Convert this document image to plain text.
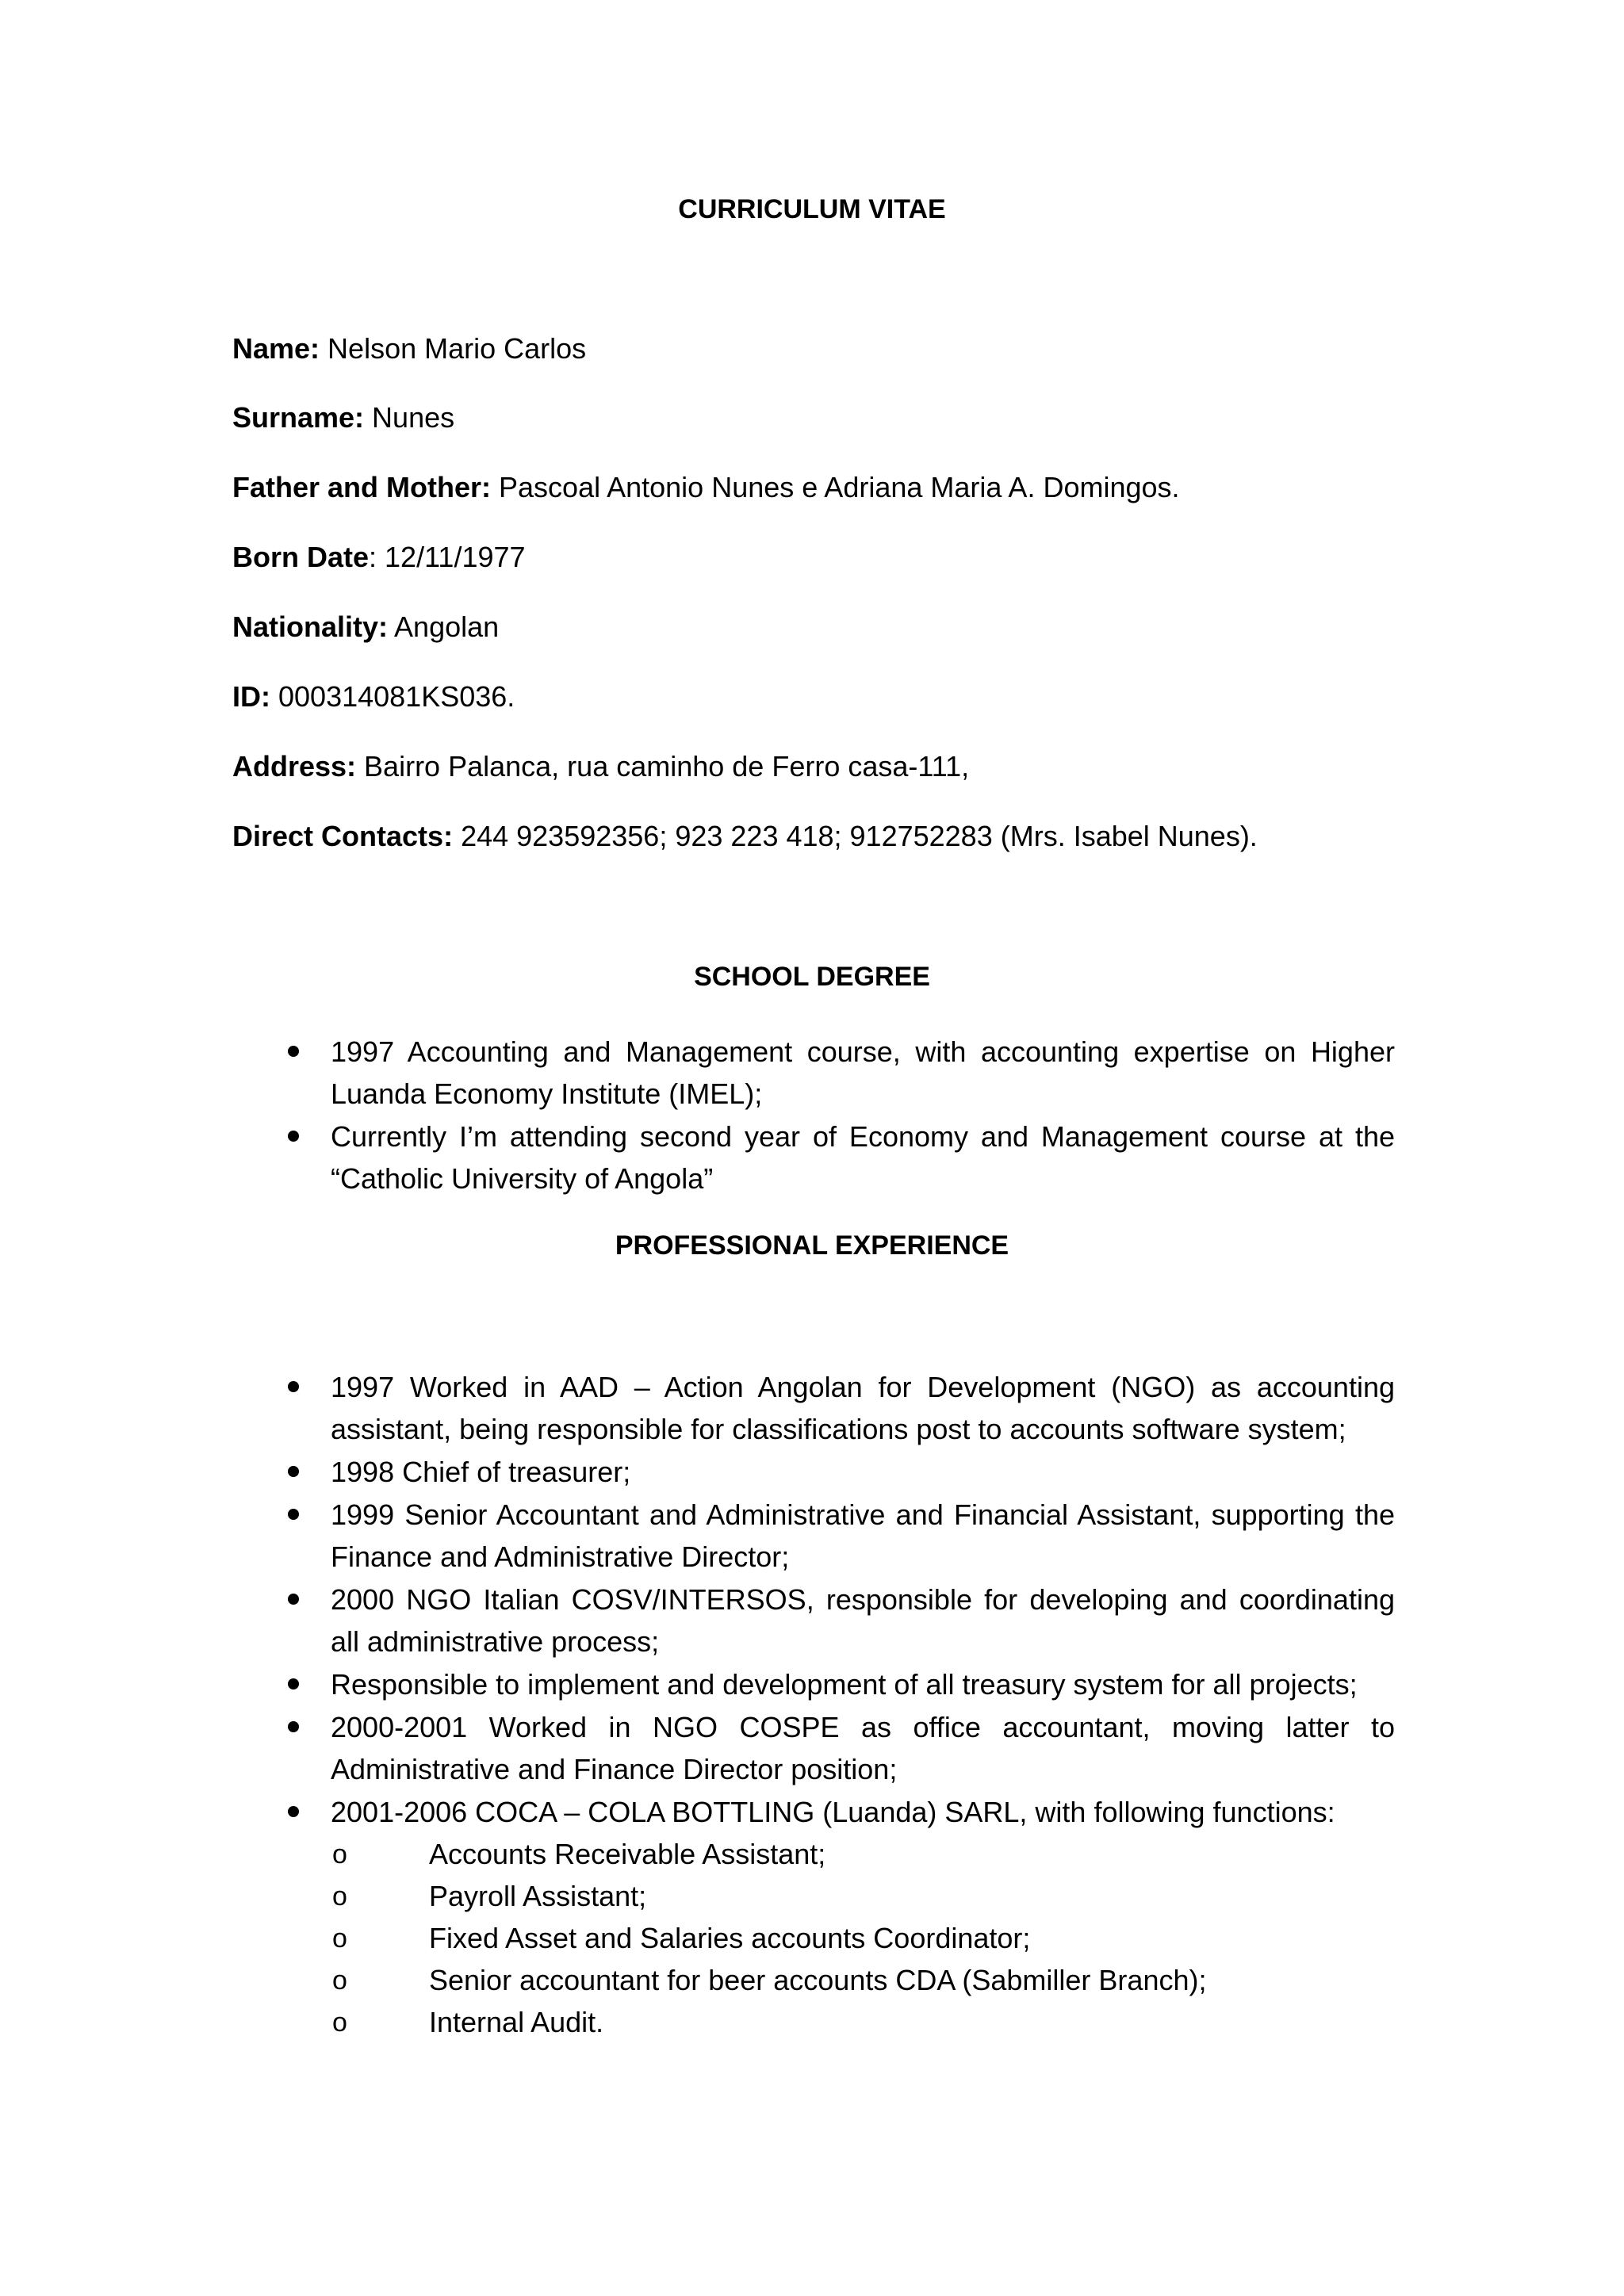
CURRICULUM VITAE
Name: Nelson Mario Carlos
Surname: Nunes
Father and Mother: Pascoal Antonio Nunes e Adriana Maria A. Domingos.
Born Date: 12/11/1977
Nationality: Angolan
ID: 000314081KS036.
Address: Bairro Palanca, rua caminho de Ferro casa-111,
Direct Contacts: 244 923592356; 923 223 418; 912752283 (Mrs. Isabel Nunes).
SCHOOL DEGREE
1997 Accounting and Management course, with accounting expertise on Higher Luanda Economy Institute (IMEL);
Currently I’m attending second year of Economy and Management course at the “Catholic University of Angola”
PROFESSIONAL EXPERIENCE
1997 Worked in AAD – Action Angolan for Development (NGO) as accounting assistant, being responsible for classifications post to accounts software system;
1998 Chief of treasurer;
1999 Senior Accountant and Administrative and Financial Assistant, supporting the Finance and Administrative Director;
2000 NGO Italian COSV/INTERSOS, responsible for developing and coordinating all administrative process;
Responsible to implement and development of all treasury system for all projects;
2000-2001 Worked in NGO COSPE as office accountant, moving latter to Administrative and Finance Director position;
2001-2006 COCA – COLA BOTTLING (Luanda) SARL, with following functions:
o	Accounts Receivable Assistant;
o	Payroll Assistant;
o	Fixed Asset and Salaries accounts Coordinator;
o	Senior accountant for beer accounts CDA (Sabmiller Branch);
o	Internal Audit.
